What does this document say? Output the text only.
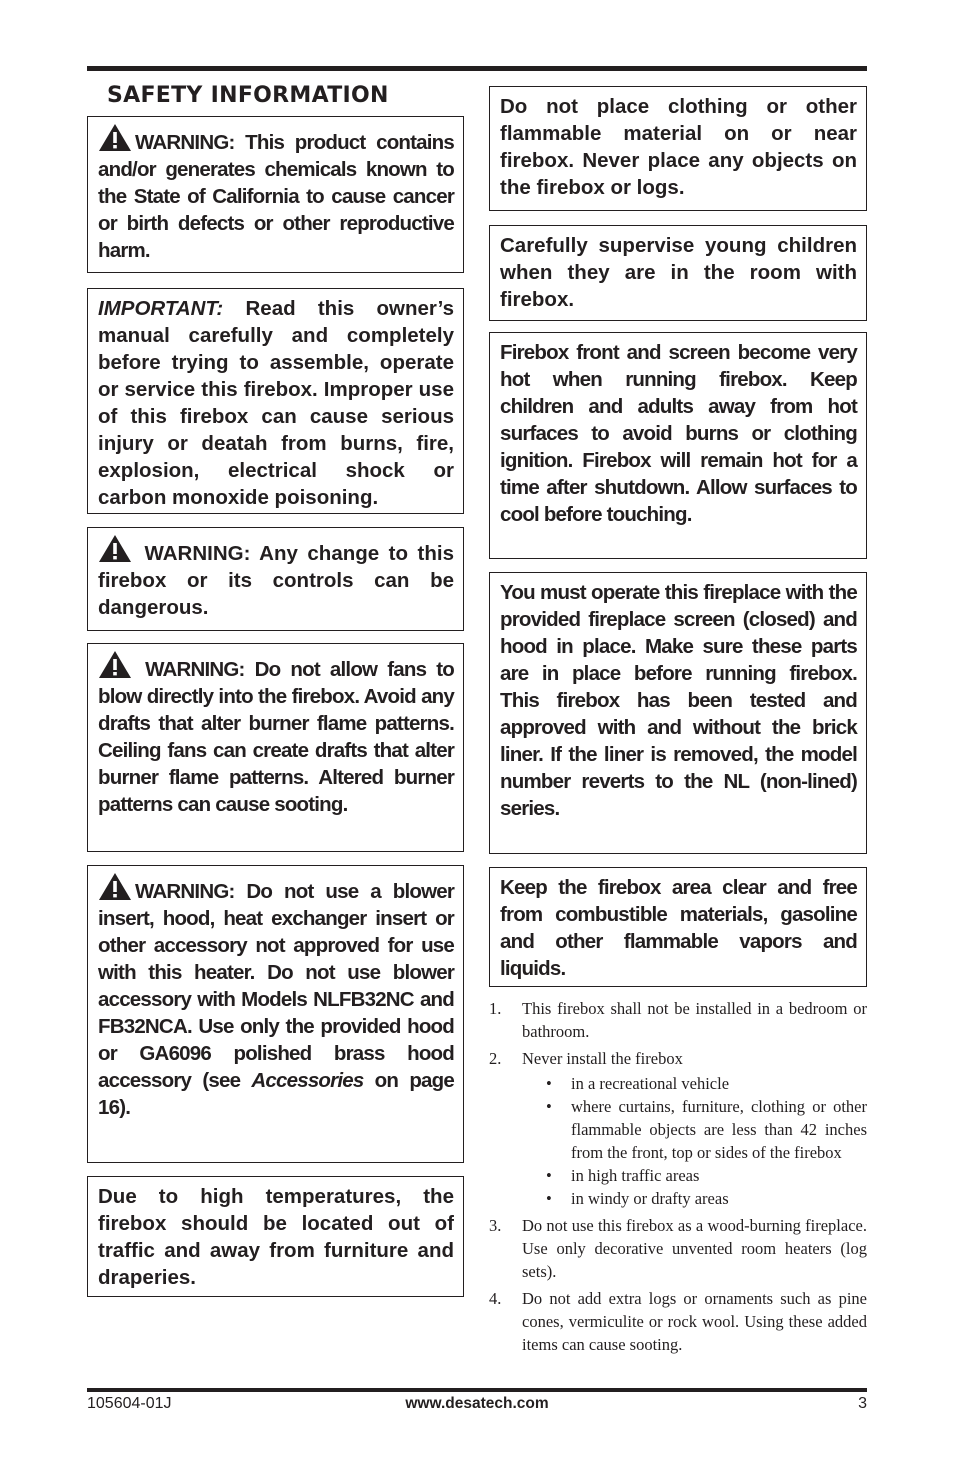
SAFETY INFORMATION
WARNING: This product contains and/or generates chemicals known to the State of California to cause cancer or birth defects or other reproductive harm.
IMPORTANT: Read this owner’s manual carefully and completely before trying to assemble, operate or service this firebox. Improper use of this firebox can cause serious injury or deatah from burns, fire, explosion, electrical shock or carbon monoxide poisoning.
WARNING: Any change to this firebox or its controls can be dangerous.
WARNING: Do not allow fans to blow directly into the firebox. Avoid any drafts that alter burner flame patterns. Ceiling fans can create drafts that alter burner flame patterns. Altered burner patterns can cause sooting.
WARNING: Do not use a blower insert, hood, heat exchanger insert or other accessory not approved for use with this heater. Do not use blower accessory with Models NLFB32NC and FB32NCA. Use only the provided hood or GA6096 polished brass hood accessory (see Accessories on page 16).
Due to high temperatures, the firebox should be located out of traffic and away from furniture and draperies.
Do not place clothing or other flammable material on or near firebox. Never place any objects on the firebox or logs.
Carefully supervise young children when they are in the room with firebox.
Firebox front and screen become very hot when running firebox. Keep children and adults away from hot surfaces to avoid burns or clothing ignition. Firebox will remain hot for a time after shutdown. Allow surfaces to cool before touching.
You must operate this fireplace with the provided fireplace screen (closed) and hood in place. Make sure these parts are in place before running firebox. This firebox has been tested and approved with and without the brick liner. If the liner is removed, the model number reverts to the NL (non-lined) series.
Keep the firebox area clear and free from combustible materials, gasoline and other flammable vapors and liquids.
1. This firebox shall not be installed in a bedroom or bathroom.
2. Never install the firebox
• in a recreational vehicle
• where curtains, furniture, clothing or other flammable objects are less than 42 inches from the front, top or sides of the firebox
• in high traffic areas
• in windy or drafty areas
3. Do not use this firebox as a wood-burning fireplace. Use only decorative unvented room heaters (log sets).
4. Do not add extra logs or ornaments such as pine cones, vermiculite or rock wool. Using these added items can cause sooting.
105604-01J	www.desatech.com	3
